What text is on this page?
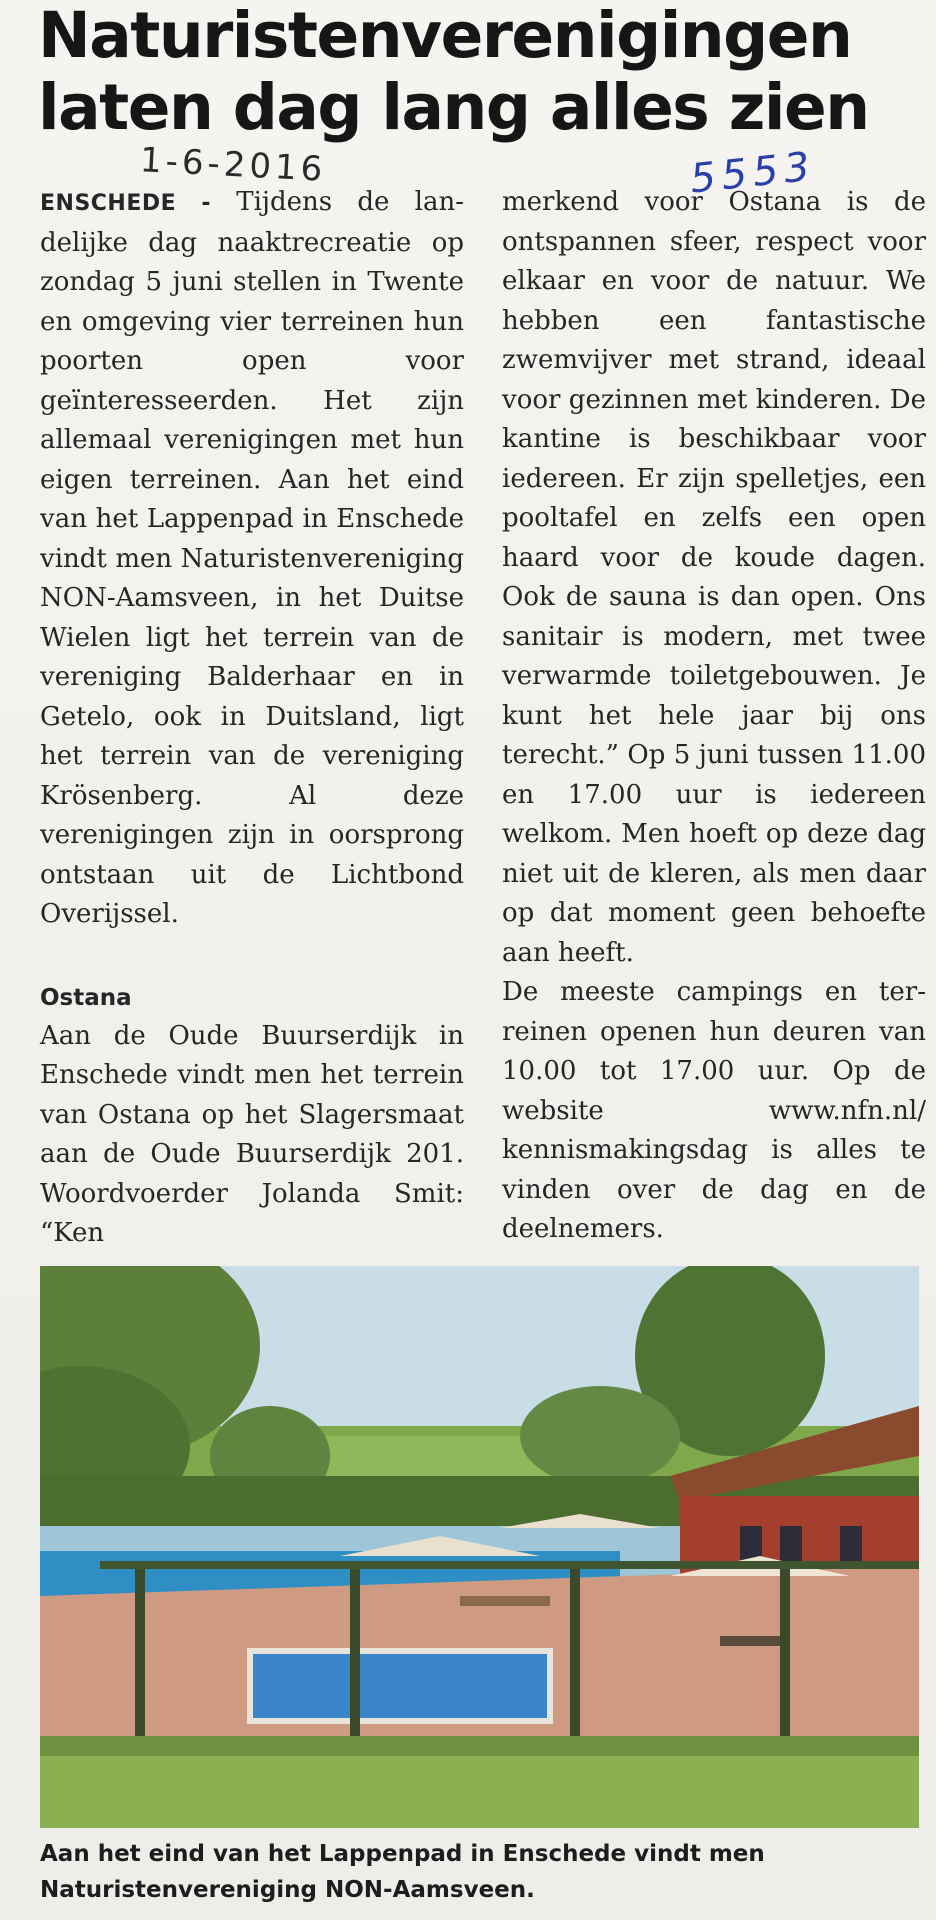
Naturistenverenigingen
laten dag lang alles zien
1-6-2016	5553

ENSCHEDE - Tijdens de landelijke dag naaktrecreatie op zondag 5 juni stellen in Twente en omgeving vier terreinen hun poorten open voor geïnteresseerden. Het zijn allemaal verenigingen met hun eigen terreinen. Aan het eind van het Lappenpad in Enschede vindt men Naturistenvereniging NON-Aamsveen, in het Duitse Wielen ligt het terrein van de vereniging Balderhaar en in Getelo, ook in Duitsland, ligt het terrein van de vereniging Krösenberg. Al deze verenigingen zijn in oorsprong ontstaan uit de Lichtbond Overijssel.

Ostana

Aan de Oude Buurserdijk in Enschede vindt men het terrein van Ostana op het Slagersmaat aan de Oude Buurserdijk 201. Woordvoerder Jolanda Smit: “Ken

merkend voor Ostana is de ontspannen sfeer, respect voor elkaar en voor de natuur. We hebben een fantastische zwemvijver met strand, ideaal voor gezinnen met kinderen. De kantine is beschikbaar voor iedereen. Er zijn spelletjes, een pooltafel en zelfs een open haard voor de koude dagen. Ook de sauna is dan open. Ons sanitair is modern, met twee verwarmde toiletgebouwen. Je kunt het hele jaar bij ons terecht.” Op 5 juni tussen 11.00 en 17.00 uur is iedereen welkom. Men hoeft op deze dag niet uit de kleren, als men daar op dat moment geen behoefte aan heeft.

De meeste campings en terreinen openen hun deuren van 10.00 tot 17.00 uur. Op de website www.nfn.nl/ kennismakingsdag is alles te vinden over de dag en de deelnemers.

Aan het eind van het Lappenpad in Enschede vindt men
Naturistenvereniging NON-Aamsveen.
